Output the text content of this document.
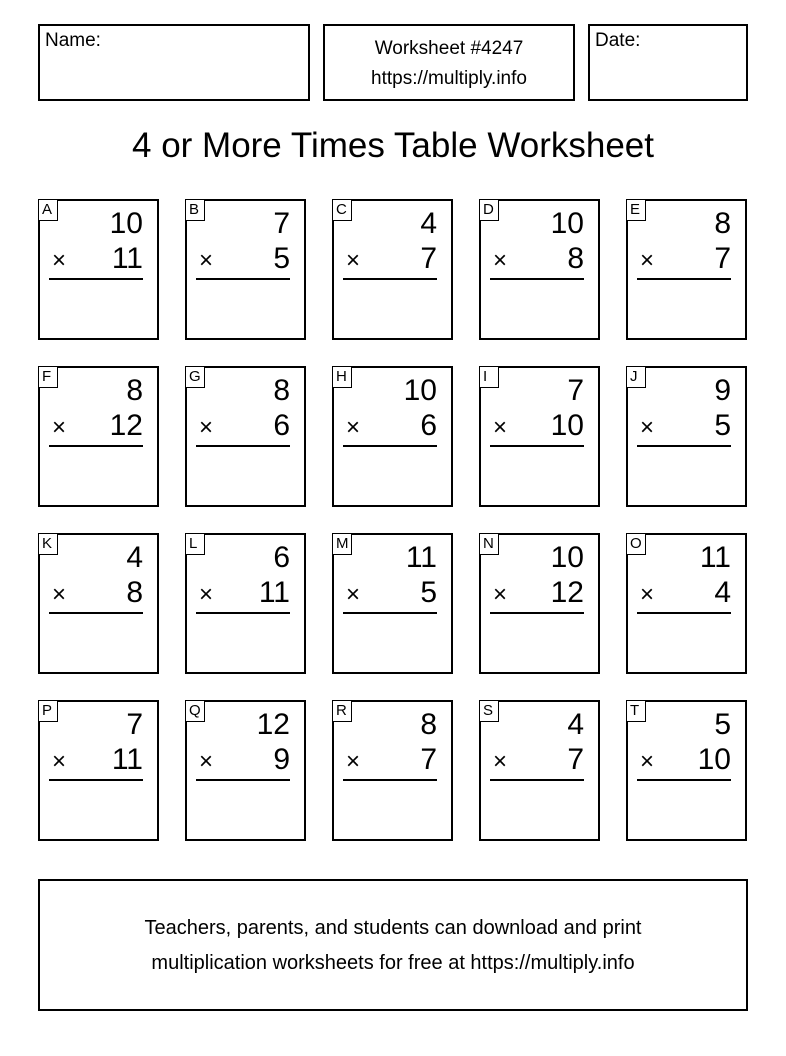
Name:	Worksheet #4247
https://multiply.info
Date:
4 or More Times Table Worksheet
A 10
× 11
B 7
× 5
C 4
× 7
D 10
× 8
E 8
× 7
F	8
× 12
G 8
× 6
H 10
× 6
I	7
× 10
J	9
× 5
K 4
× 8
L	6
× 11
M 11
× 5
N 10
× 12
O 11
× 4
P 7
× 11
Q 12
× 9
R 8
× 7
S 4
× 7
T	5
× 10
Teachers, parents, and students can download and print
multiplication worksheets for free at https://multiply.info
